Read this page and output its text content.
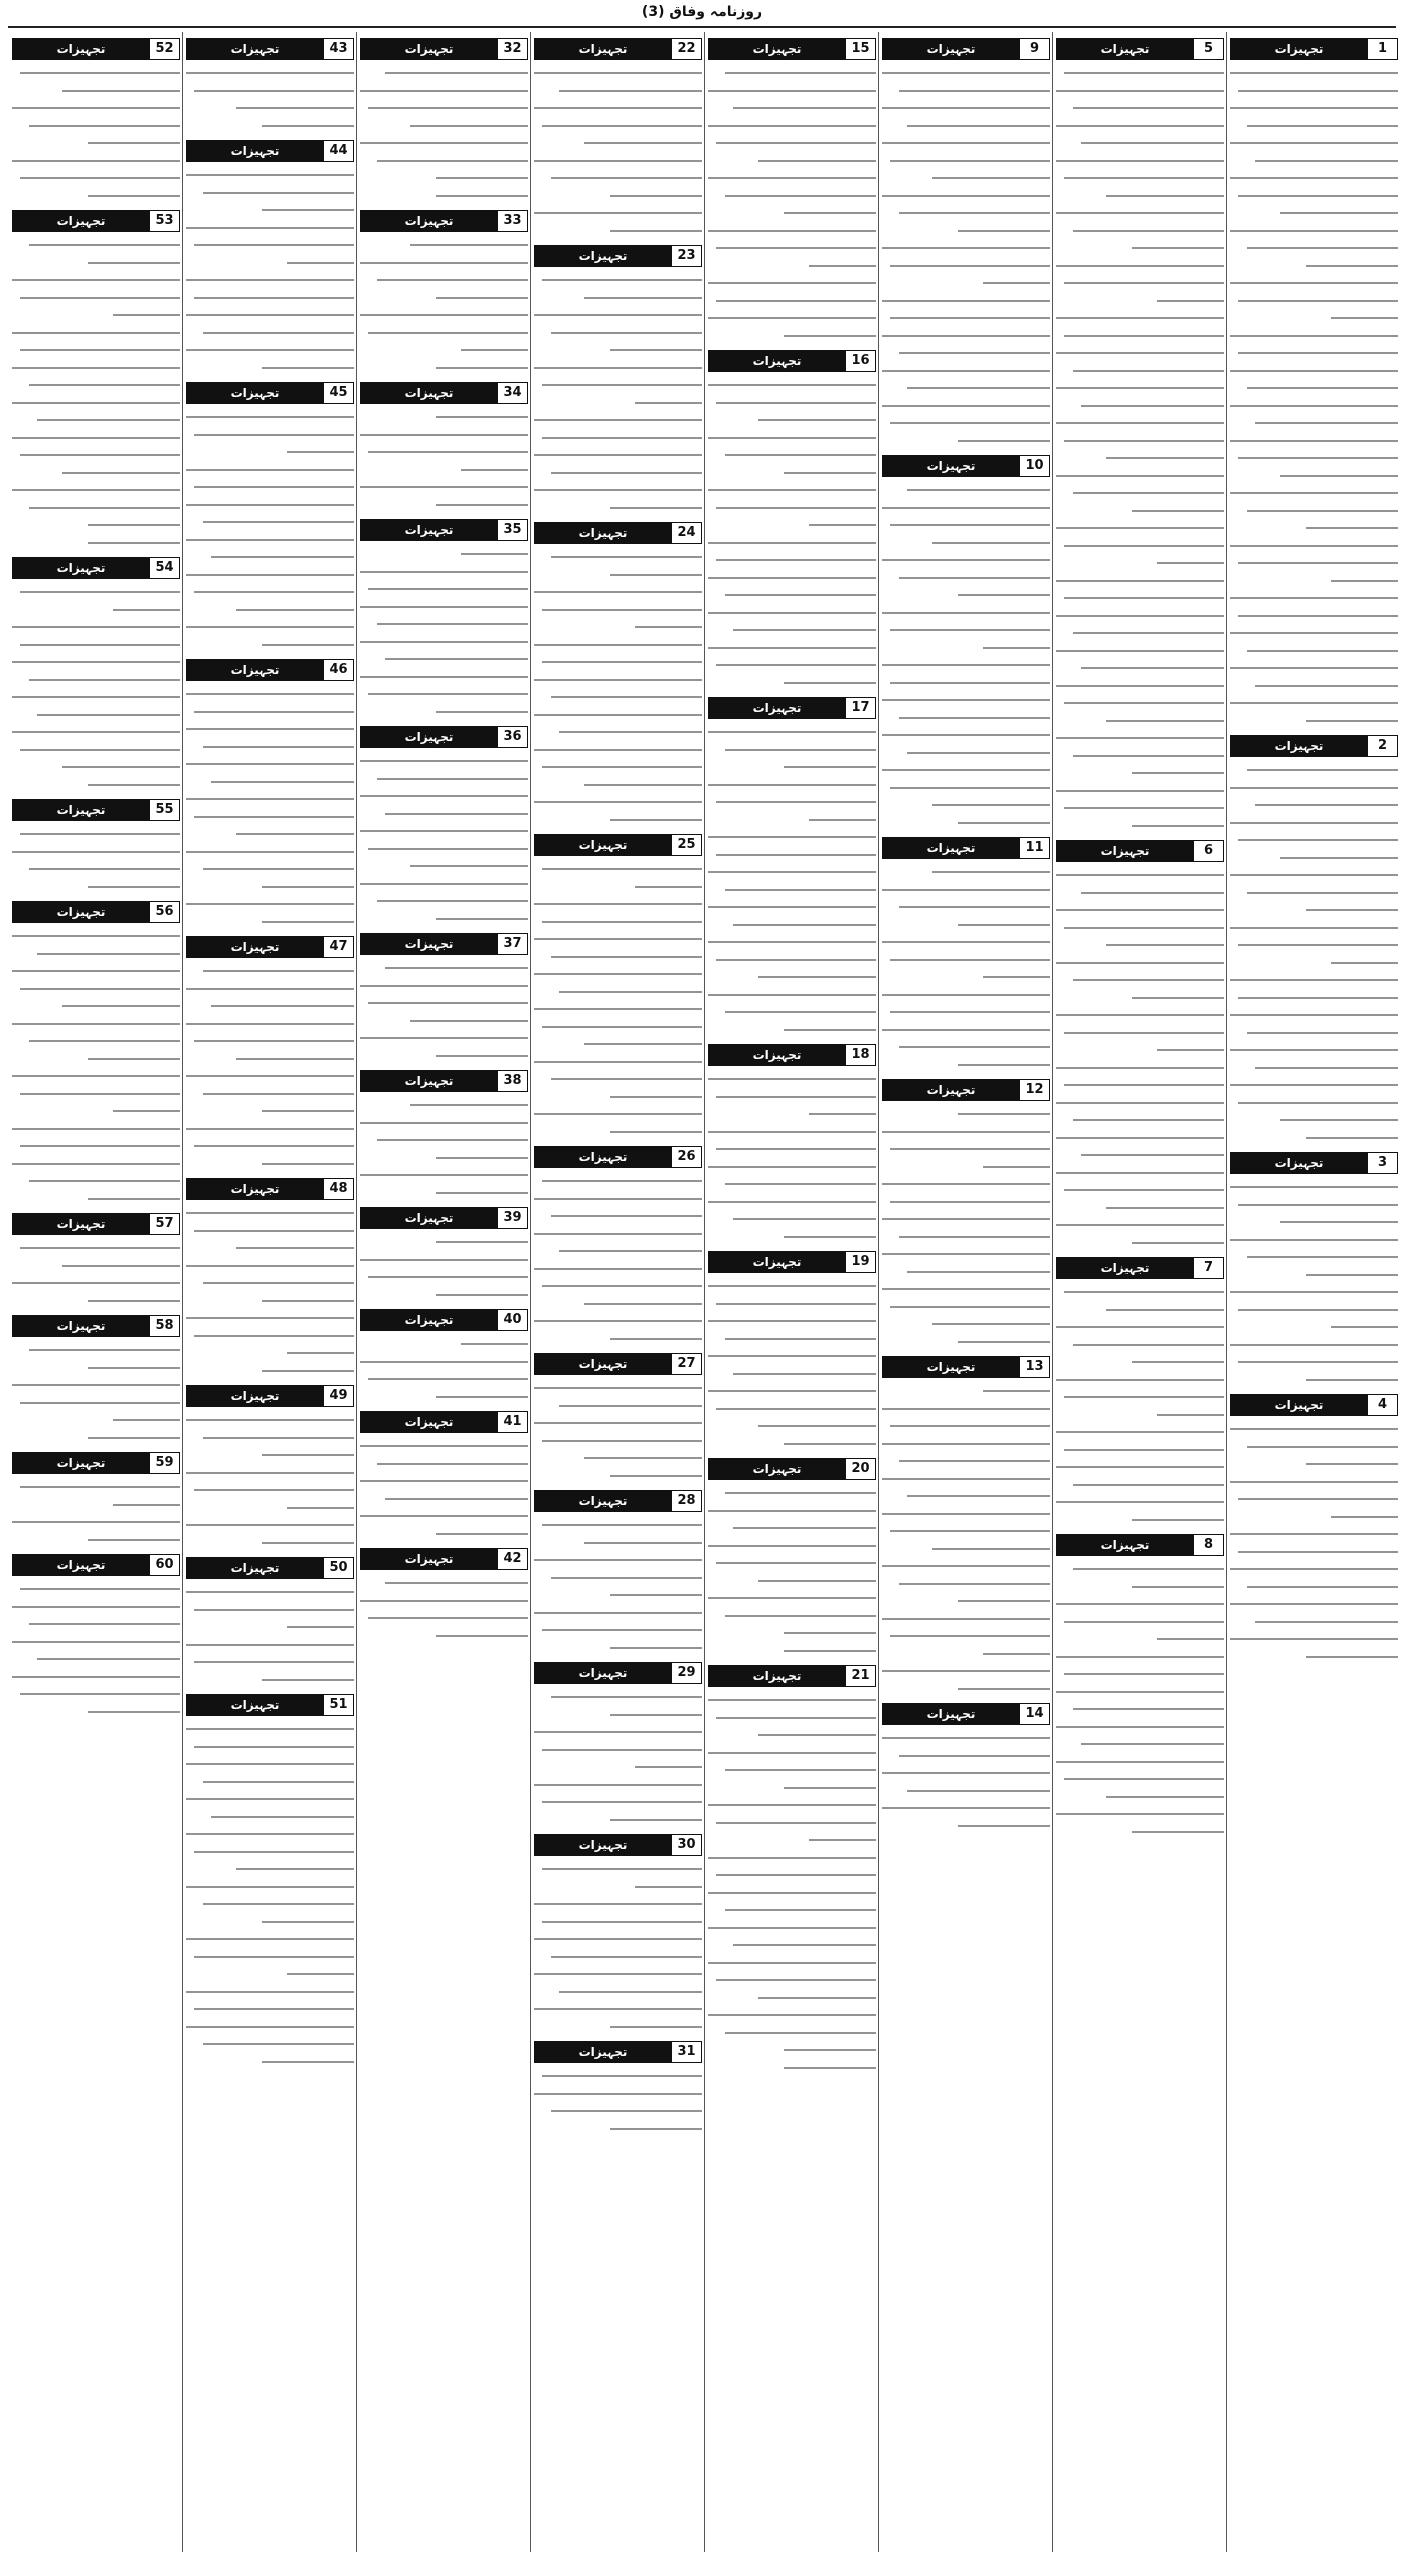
روزنامہ وفاق (3)
1
تجہیزات
2
تجہیزات
3
تجہیزات
4
تجہیزات
5
تجہیزات
6
تجہیزات
7
تجہیزات
8
تجہیزات
9
تجہیزات
10
تجہیزات
11
تجہیزات
12
تجہیزات
13
تجہیزات
14
تجہیزات
15
تجہیزات
16
تجہیزات
17
تجہیزات
18
تجہیزات
19
تجہیزات
20
تجہیزات
21
تجہیزات
22
تجہیزات
23
تجہیزات
24
تجہیزات
25
تجہیزات
26
تجہیزات
27
تجہیزات
28
تجہیزات
29
تجہیزات
30
تجہیزات
31
تجہیزات
32
تجہیزات
33
تجہیزات
34
تجہیزات
35
تجہیزات
36
تجہیزات
37
تجہیزات
38
تجہیزات
39
تجہیزات
40
تجہیزات
41
تجہیزات
42
تجہیزات
43
تجہیزات
44
تجہیزات
45
تجہیزات
46
تجہیزات
47
تجہیزات
48
تجہیزات
49
تجہیزات
50
تجہیزات
51
تجہیزات
52
تجہیزات
53
تجہیزات
54
تجہیزات
55
تجہیزات
56
تجہیزات
57
تجہیزات
58
تجہیزات
59
تجہیزات
60
تجہیزات
